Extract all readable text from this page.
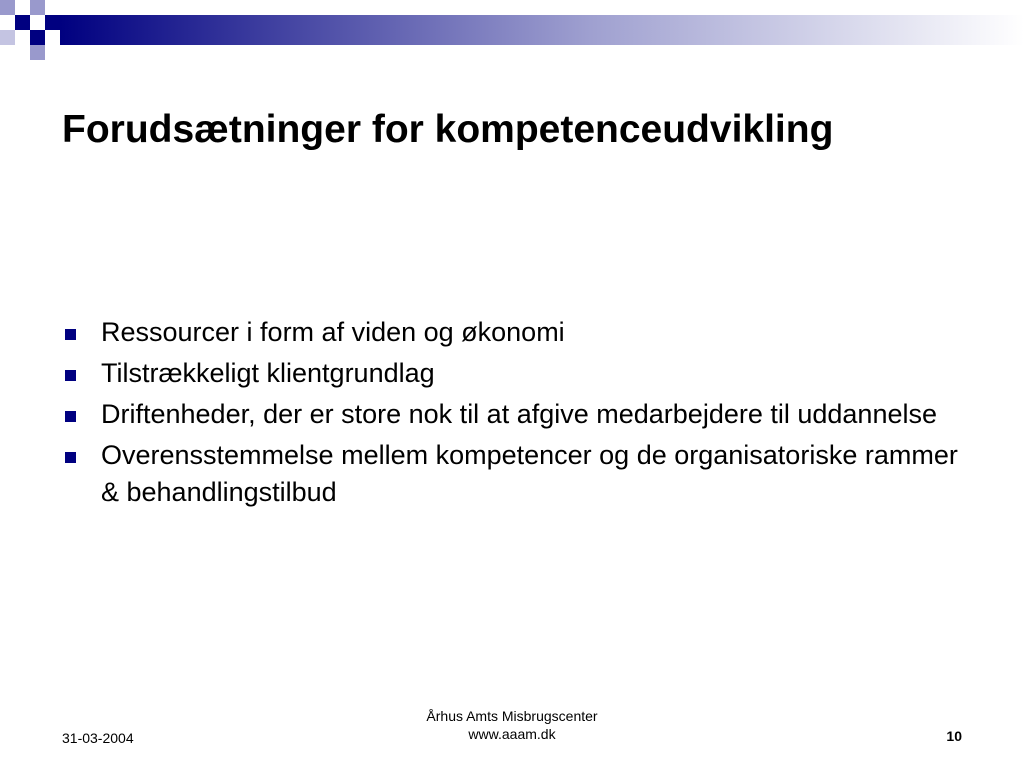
Forudsætninger for kompetenceudvikling
Ressourcer i form af viden og økonomi
Tilstrækkeligt klientgrundlag
Driftenheder, der er store nok til at afgive medarbejdere til uddannelse
Overensstemmelse mellem kompetencer og de organisatoriske rammer & behandlingstilbud
31-03-2004
Århus Amts Misbrugscenter
www.aaam.dk	10
